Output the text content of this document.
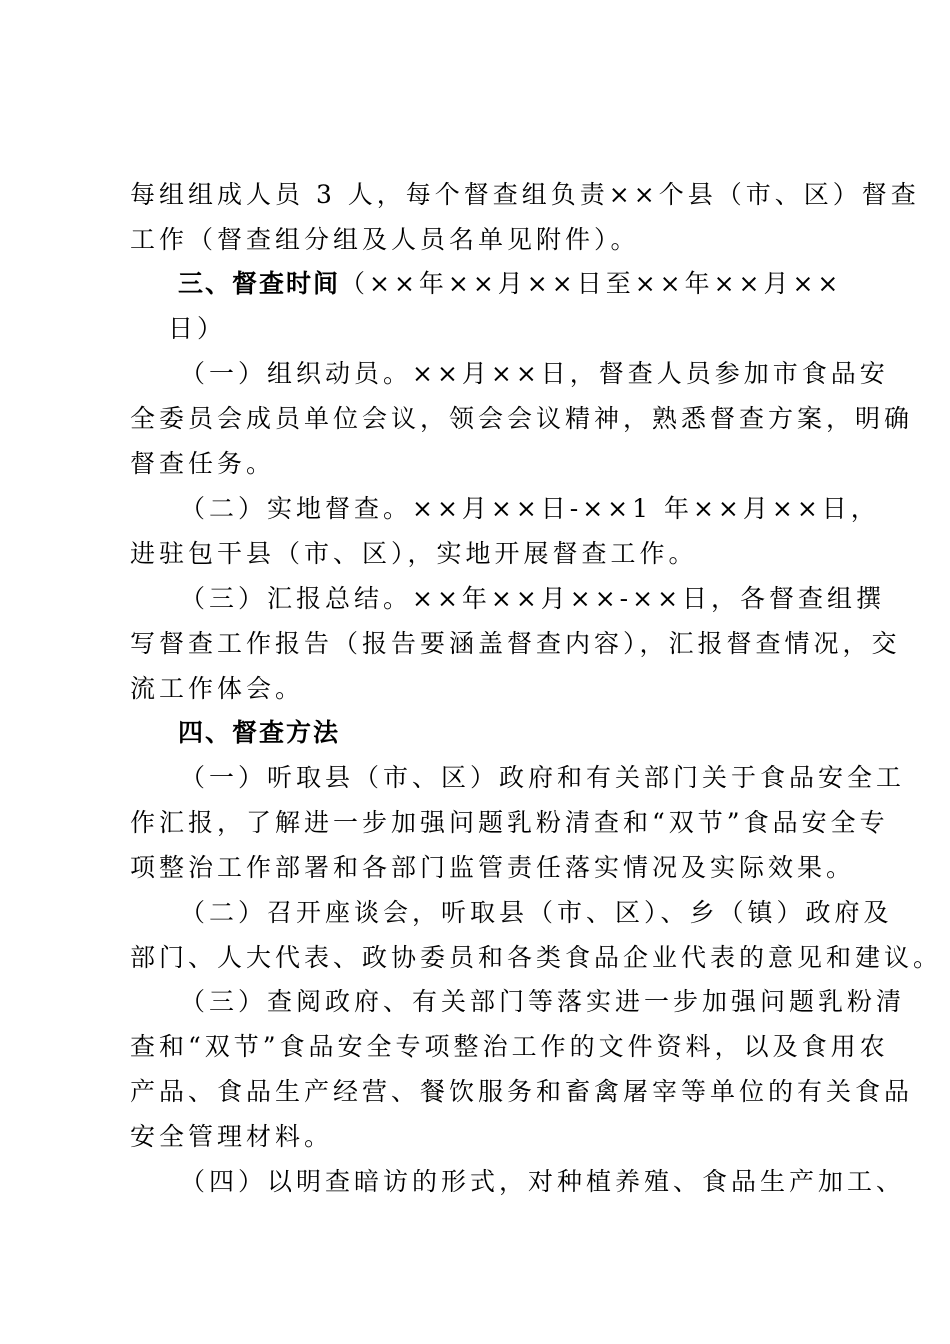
每组组成人员 3 人，每个督查组负责××个县（市、区）督查

工作（督查组分组及人员名单见附件）。

三、督查时间（××年××月××日至××年××月××

日）

（一）组织动员。××月××日，督查人员参加市食品安

全委员会成员单位会议，领会会议精神，熟悉督查方案，明确

督查任务。

（二）实地督查。××月××日-××1 年××月××日，

进驻包干县（市、区），实地开展督查工作。

（三）汇报总结。××年××月××-××日，各督查组撰

写督查工作报告（报告要涵盖督查内容），汇报督查情况，交

流工作体会。

四、督查方法

（一）听取县（市、区）政府和有关部门关于食品安全工

作汇报，了解进一步加强问题乳粉清查和“双节”食品安全专

项整治工作部署和各部门监管责任落实情况及实际效果。

（二）召开座谈会，听取县（市、区）、乡（镇）政府及

部门、人大代表、政协委员和各类食品企业代表的意见和建议。

（三）查阅政府、有关部门等落实进一步加强问题乳粉清

查和“双节”食品安全专项整治工作的文件资料，以及食用农

产品、食品生产经营、餐饮服务和畜禽屠宰等单位的有关食品

安全管理材料。

（四）以明查暗访的形式，对种植养殖、食品生产加工、
